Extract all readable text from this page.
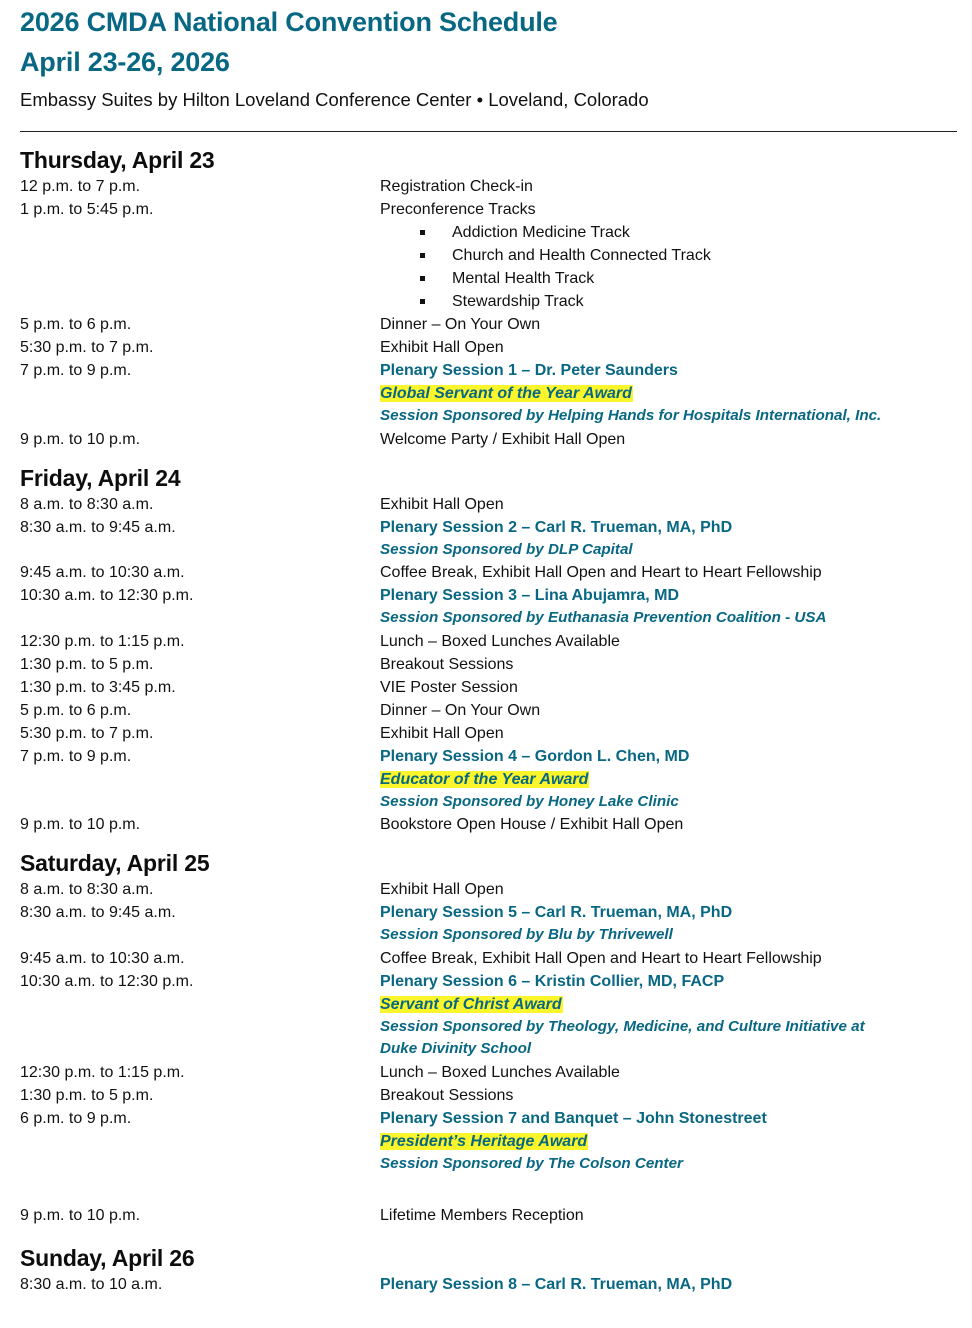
2026 CMDA National Convention Schedule
April 23-26, 2026

Embassy Suites by Hilton Loveland Conference Center • Loveland, Colorado

Thursday, April 23
12 p.m. to 7 p.m.	Registration Check-in
1 p.m. to 5:45 p.m.	Preconference Tracks
Addiction Medicine Track
Church and Health Connected Track
Mental Health Track
Stewardship Track
5 p.m. to 6 p.m.	Dinner – On Your Own
5:30 p.m. to 7 p.m.	Exhibit Hall Open
7 p.m. to 9 p.m.	Plenary Session 1 – Dr. Peter Saunders
Global Servant of the Year Award
Session Sponsored by Helping Hands for Hospitals International, Inc.
9 p.m. to 10 p.m.	Welcome Party / Exhibit Hall Open
Friday, April 24
8 a.m. to 8:30 a.m.	Exhibit Hall Open
8:30 a.m. to 9:45 a.m.	Plenary Session 2 – Carl R. Trueman, MA, PhD
Session Sponsored by DLP Capital
9:45 a.m. to 10:30 a.m.	Coffee Break, Exhibit Hall Open and Heart to Heart Fellowship
10:30 a.m. to 12:30 p.m.	Plenary Session 3 – Lina Abujamra, MD
Session Sponsored by Euthanasia Prevention Coalition - USA
12:30 p.m. to 1:15 p.m.	Lunch – Boxed Lunches Available
1:30 p.m. to 5 p.m.	Breakout Sessions
1:30 p.m. to 3:45 p.m.	VIE Poster Session
5 p.m. to 6 p.m.	Dinner – On Your Own
5:30 p.m. to 7 p.m.	Exhibit Hall Open
7 p.m. to 9 p.m.	Plenary Session 4 – Gordon L. Chen, MD
Educator of the Year Award
Session Sponsored by Honey Lake Clinic
9 p.m. to 10 p.m.	Bookstore Open House / Exhibit Hall Open
Saturday, April 25
8 a.m. to 8:30 a.m.	Exhibit Hall Open
8:30 a.m. to 9:45 a.m.	Plenary Session 5 – Carl R. Trueman, MA, PhD
Session Sponsored by Blu by Thrivewell
9:45 a.m. to 10:30 a.m.	Coffee Break, Exhibit Hall Open and Heart to Heart Fellowship
10:30 a.m. to 12:30 p.m.	Plenary Session 6 – Kristin Collier, MD, FACP
Servant of Christ Award
Session Sponsored by Theology, Medicine, and Culture Initiative at
Duke Divinity School
12:30 p.m. to 1:15 p.m.	Lunch – Boxed Lunches Available
1:30 p.m. to 5 p.m.	Breakout Sessions
6 p.m. to 9 p.m.	Plenary Session 7 and Banquet – John Stonestreet
President’s Heritage Award
Session Sponsored by The Colson Center
9 p.m. to 10 p.m.	Lifetime Members Reception
Sunday, April 26
8:30 a.m. to 10 a.m.	Plenary Session 8 – Carl R. Trueman, MA, PhD
